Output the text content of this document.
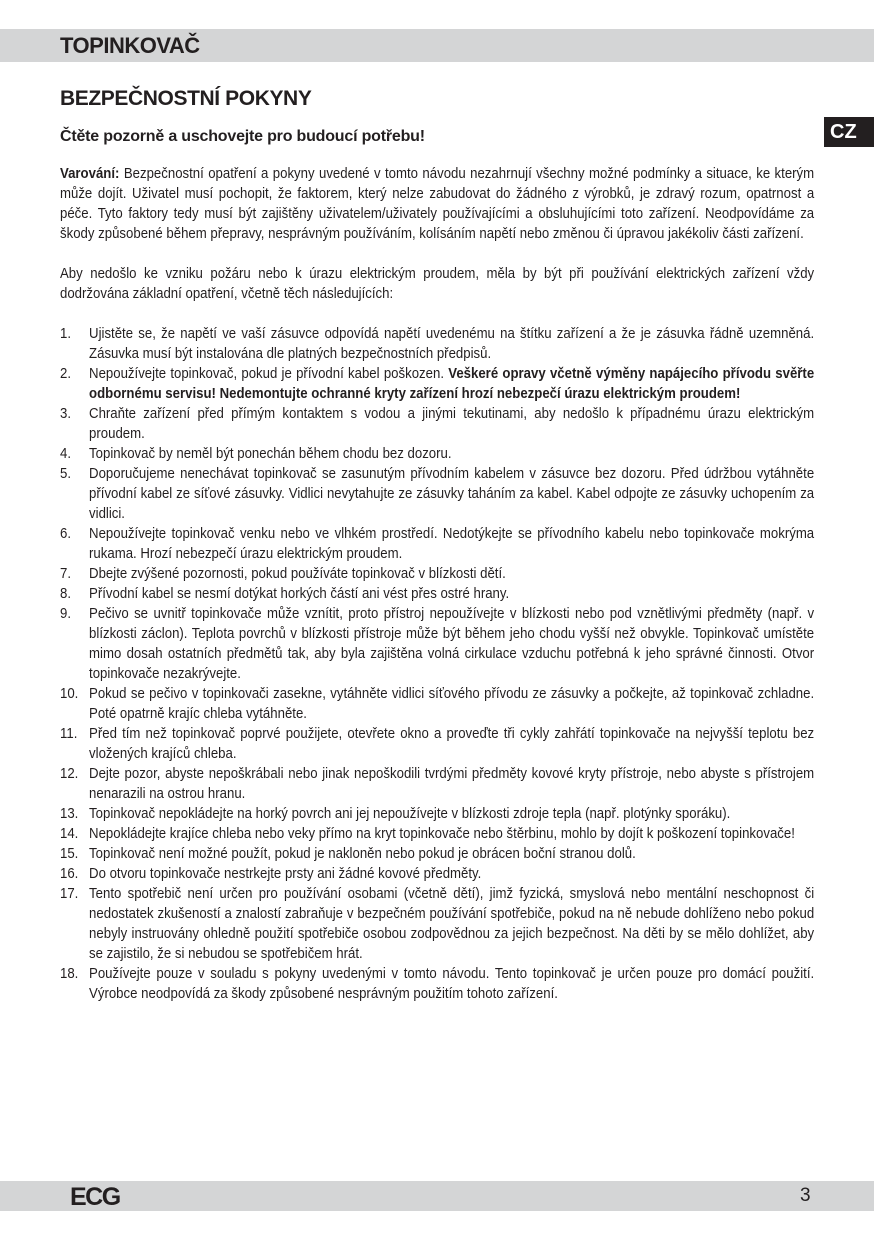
TOPINKOVAČ
CZ
BEZPEČNOSTNÍ POKYNY
Čtěte pozorně a uschovejte pro budoucí potřebu!

Varování: Bezpečnostní opatření a pokyny uvedené v tomto návodu nezahrnují všechny možné podmínky a situace, ke kterým může dojít. Uživatel musí pochopit, že faktorem, který nelze zabudovat do žádného z výrobků, je zdravý rozum, opatrnost a péče. Tyto faktory tedy musí být zajištěny uživatelem/uživately používajícími a obsluhujícími toto zařízení. Neodpovídáme za škody způsobené během přepravy, nesprávným používáním, kolísáním napětí nebo změnou či úpravou jakékoliv části zařízení.

Aby nedošlo ke vzniku požáru nebo k úrazu elektrickým proudem, měla by být při používání elektrických zařízení vždy dodržována základní opatření, včetně těch následujících:

1. Ujistěte se, že napětí ve vaší zásuvce odpovídá napětí uvedenému na štítku zařízení a že je zásuvka řádně uzemněná. Zásuvka musí být instalována dle platných bezpečnostních předpisů.
2. Nepoužívejte topinkovač, pokud je přívodní kabel poškozen. Veškeré opravy včetně výměny napájecího přívodu svěřte odbornému servisu! Nedemontujte ochranné kryty zařízení hrozí nebezpečí úrazu elektrickým proudem!
3. Chraňte zařízení před přímým kontaktem s vodou a jinými tekutinami, aby nedošlo k případnému úrazu elektrickým proudem.
4. Topinkovač by neměl být ponechán během chodu bez dozoru.
5. Doporučujeme nenechávat topinkovač se zasunutým přívodním kabelem v zásuvce bez dozoru. Před údržbou vytáhněte přívodní kabel ze síťové zásuvky. Vidlici nevytahujte ze zásuvky taháním za kabel. Kabel odpojte ze zásuvky uchopením za vidlici.
6. Nepoužívejte topinkovač venku nebo ve vlhkém prostředí. Nedotýkejte se přívodního kabelu nebo topinkovače mokrýma rukama. Hrozí nebezpečí úrazu elektrickým proudem.
7. Dbejte zvýšené pozornosti, pokud používáte topinkovač v blízkosti dětí.
8. Přívodní kabel se nesmí dotýkat horkých částí ani vést přes ostré hrany.
9. Pečivo se uvnitř topinkovače může vznítit, proto přístroj nepoužívejte v blízkosti nebo pod vznětlivými předměty (např. v blízkosti záclon). Teplota povrchů v blízkosti přístroje může být během jeho chodu vyšší než obvykle. Topinkovač umístěte mimo dosah ostatních předmětů tak, aby byla zajištěna volná cirkulace vzduchu potřebná k jeho správné činnosti. Otvor topinkovače nezakrývejte.
10. Pokud se pečivo v topinkovači zasekne, vytáhněte vidlici síťového přívodu ze zásuvky a počkejte, až topinkovač zchladne. Poté opatrně krajíc chleba vytáhněte.
11. Před tím než topinkovač poprvé použijete, otevřete okno a proveďte tři cykly zahřátí topinkovače na nejvyšší teplotu bez vložených krajíců chleba.
12. Dejte pozor, abyste nepoškrábali nebo jinak nepoškodili tvrdými předměty kovové kryty přístroje, nebo abyste s přístrojem nenarazili na ostrou hranu.
13. Topinkovač nepokládejte na horký povrch ani jej nepoužívejte v blízkosti zdroje tepla (např. plotýnky sporáku).
14. Nepokládejte krajíce chleba nebo veky přímo na kryt topinkovače nebo štěrbinu, mohlo by dojít k poškození topinkovače!
15. Topinkovač není možné použít, pokud je nakloněn nebo pokud je obrácen boční stranou dolů.
16. Do otvoru topinkovače nestrkejte prsty ani žádné kovové předměty.
17. Tento spotřebič není určen pro používání osobami (včetně dětí), jimž fyzická, smyslová nebo mentální neschopnost či nedostatek zkušeností a znalostí zabraňuje v bezpečném používání spotřebiče, pokud na ně nebude dohlíženo nebo pokud nebyly instruovány ohledně použití spotřebiče osobou zodpovědnou za jejich bezpečnost. Na děti by se mělo dohlížet, aby se zajistilo, že si nebudou se spotřebičem hrát.
18. Používejte pouze v souladu s pokyny uvedenými v tomto návodu. Tento topinkovač je určen pouze pro domácí použití. Výrobce neodpovídá za škody způsobené nesprávným použitím tohoto zařízení.
ECG	3
